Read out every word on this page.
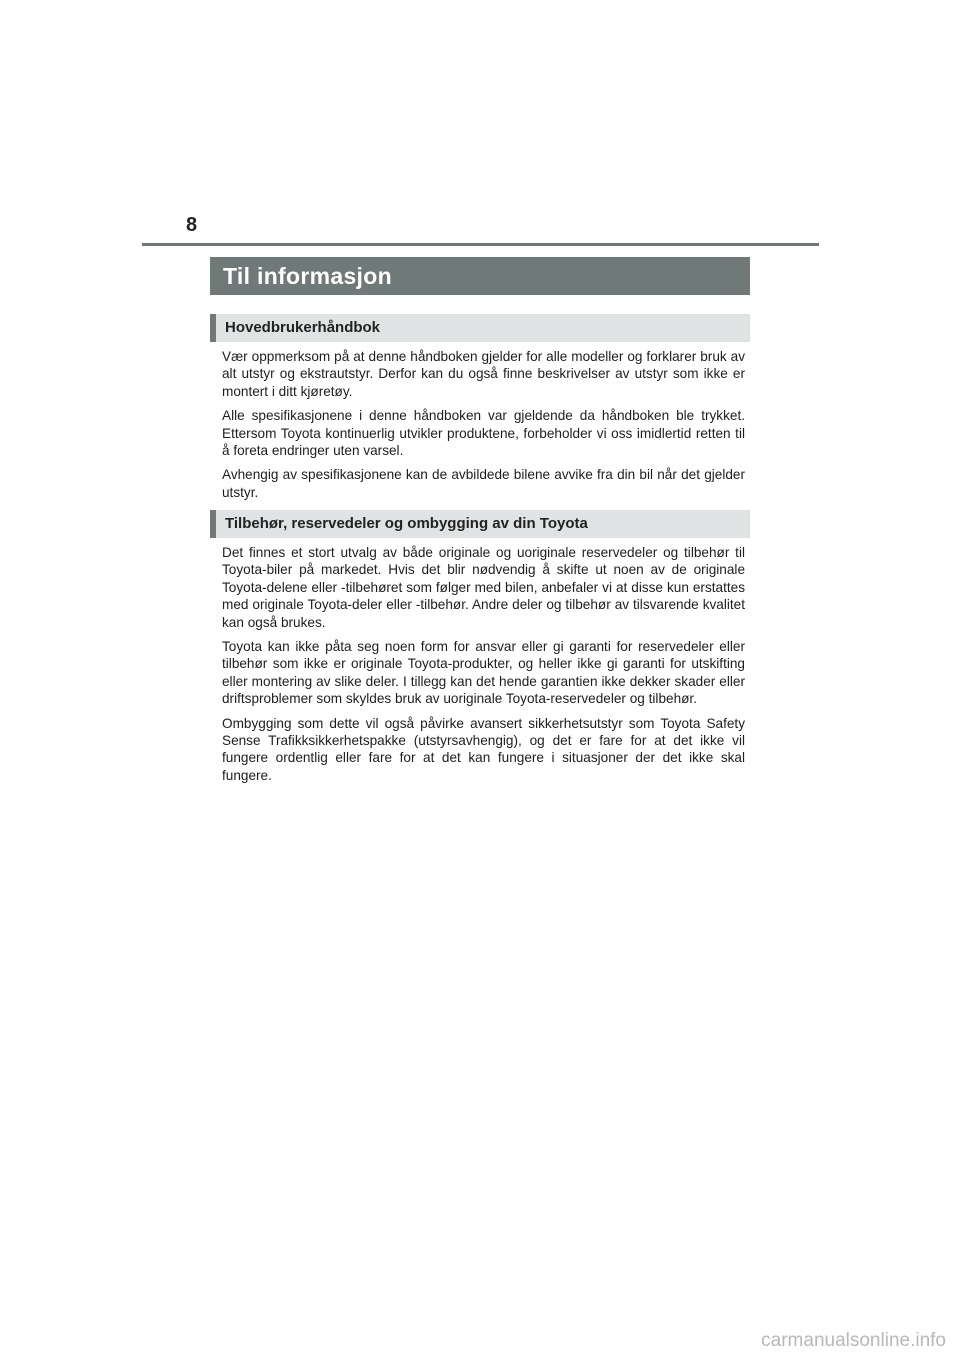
8
Til informasjon
Hovedbrukerhåndbok

Vær oppmerksom på at denne håndboken gjelder for alle modeller og forklarer bruk av alt utstyr og ekstrautstyr. Derfor kan du også finne beskrivelser av utstyr som ikke er montert i ditt kjøretøy.

Alle spesifikasjonene i denne håndboken var gjeldende da håndboken ble trykket. Ettersom Toyota kontinuerlig utvikler produktene, forbeholder vi oss imidlertid retten til å foreta endringer uten varsel.

Avhengig av spesifikasjonene kan de avbildede bilene avvike fra din bil når det gjelder utstyr.

Tilbehør, reservedeler og ombygging av din Toyota

Det finnes et stort utvalg av både originale og uoriginale reservedeler og tilbehør til Toyota-biler på markedet. Hvis det blir nødvendig å skifte ut noen av de originale Toyota-delene eller -tilbehøret som følger med bilen, anbefaler vi at disse kun erstattes med originale Toyota-deler eller -tilbehør. Andre deler og tilbehør av tilsvarende kvalitet kan også brukes.

Toyota kan ikke påta seg noen form for ansvar eller gi garanti for reservedeler eller tilbehør som ikke er originale Toyota-produkter, og heller ikke gi garanti for utskifting eller montering av slike deler. I tillegg kan det hende garantien ikke dekker skader eller driftsproblemer som skyldes bruk av uoriginale Toyota-reservedeler og tilbehør.

Ombygging som dette vil også påvirke avansert sikkerhetsutstyr som Toyota Safety Sense Trafikksikkerhetspakke (utstyrsavhengig), og det er fare for at det ikke vil fungere ordentlig eller fare for at det kan fungere i situasjoner der det ikke skal fungere.

carmanualsonline.info
